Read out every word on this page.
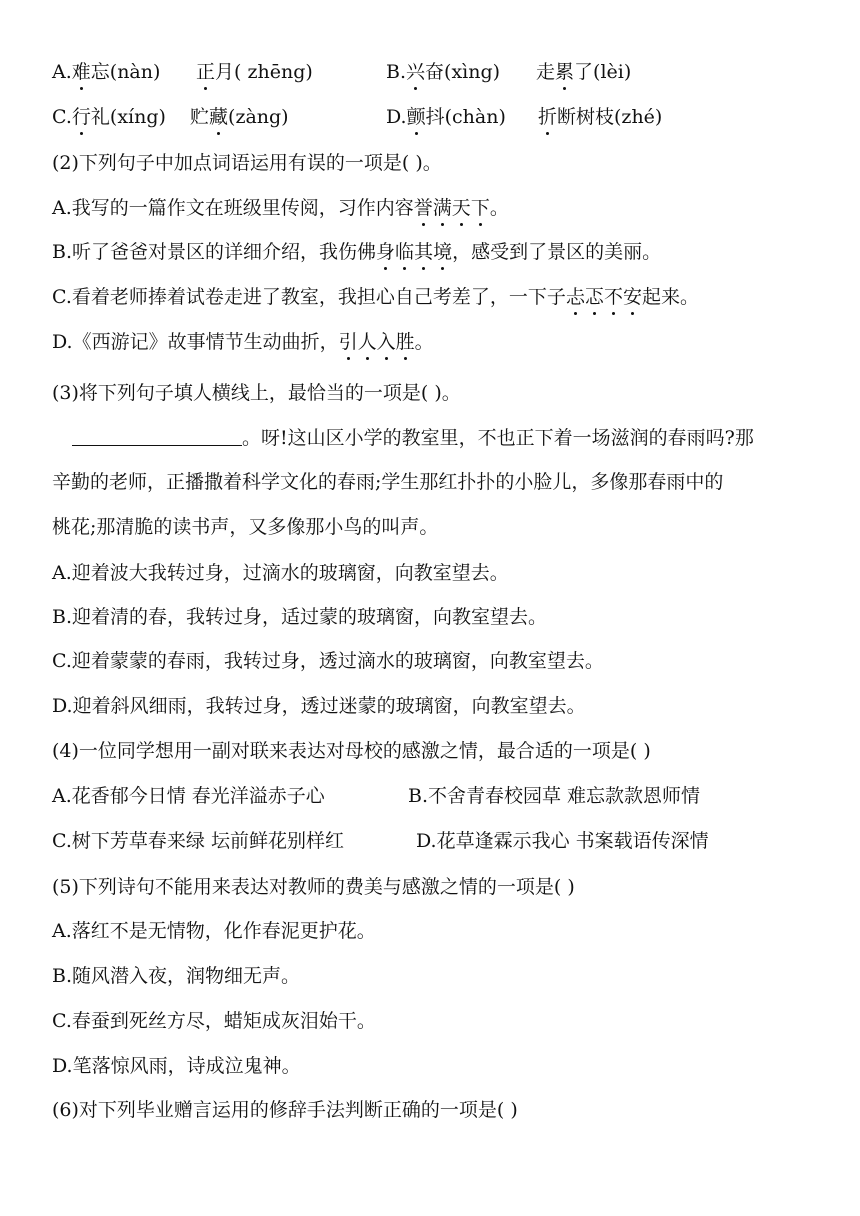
A.难忘(nàn) 正月( zhēng)	B.兴奋(xìng) 走累了(lèi)
C.行礼(xíng) 贮藏(zàng)	D.颤抖(chàn) 折断树枝(zhé)
(2)下列句子中加点词语运用有误的一项是( )。
A.我写的一篇作文在班级里传阅，习作内容誉满天下。
B.听了爸爸对景区的详细介绍，我伤佛身临其境，感受到了景区的美丽。
C.看着老师捧着试卷走进了教室，我担心自己考差了，一下子忐忑不安起来。
D.《西游记》故事情节生动曲折，引人入胜。
(3)将下列句子填人横线上，最恰当的一项是( )。
。呀!这山区小学的教室里，不也正下着一场滋润的春雨吗?那
辛勤的老师，正播撒着科学文化的春雨;学生那红扑扑的小脸儿，多像那春雨中的
桃花;那清脆的读书声，又多像那小鸟的叫声。
A.迎着波大我转过身，过滴水的玻璃窗，向教室望去。
B.迎着清的春，我转过身，适过蒙的玻璃窗，向教室望去。
C.迎着蒙蒙的春雨，我转过身，透过滴水的玻璃窗，向教室望去。
D.迎着斜风细雨，我转过身，透过迷蒙的玻璃窗，向教室望去。
(4)一位同学想用一副对联来表达对母校的感激之情，最合适的一项是( )
A.花香郁今日情 春光洋溢赤子心	B.不舍青春校园草 难忘款款恩师情
C.树下芳草春来绿 坛前鲜花别样红	D.花草逢霖示我心 书案载语传深情
(5)下列诗句不能用来表达对教师的费美与感激之情的一项是( )
A.落红不是无情物，化作春泥更护花。
B.随风潜入夜，润物细无声。
C.春蚕到死丝方尽，蜡矩成灰泪始干。
D.笔落惊风雨，诗成泣鬼神。
(6)对下列毕业赠言运用的修辞手法判断正确的一项是( )
